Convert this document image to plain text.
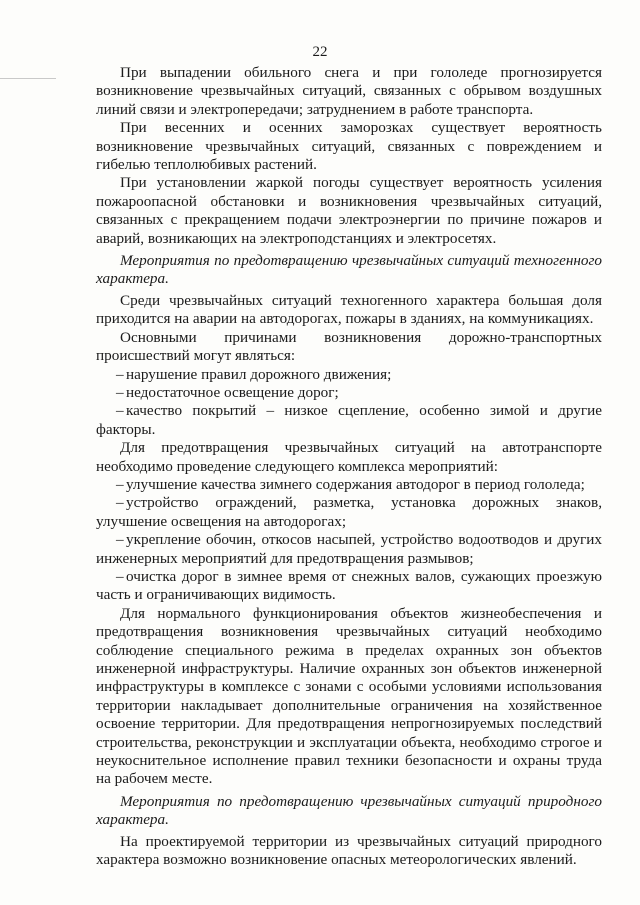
22

При выпадении обильного снега и при гололеде прогнозируется возникновение чрезвычайных ситуаций, связанных с обрывом воздушных линий связи и электропередачи; затруднением в работе транспорта.

При весенних и осенних заморозках существует вероятность возникновение чрезвычайных ситуаций, связанных с повреждением и гибелью теплолюбивых растений.

При установлении жаркой погоды существует вероятность усиления пожароопасной обстановки и возникновения чрезвычайных ситуаций, связанных с прекращением подачи электроэнергии по причине пожаров и аварий, возникающих на электроподстанциях и электросетях.

Мероприятия по предотвращению чрезвычайных ситуаций техногенного характера.

Среди чрезвычайных ситуаций техногенного характера большая доля приходится на аварии на автодорогах, пожары в зданиях, на коммуникациях.

Основными причинами возникновения дорожно-транспортных происшествий могут являться:

– нарушение правил дорожного движения;

– недостаточное освещение дорог;

– качество покрытий – низкое сцепление, особенно зимой и другие факторы.

Для предотвращения чрезвычайных ситуаций на автотранспорте необходимо проведение следующего комплекса мероприятий:

– улучшение качества зимнего содержания автодорог в период гололеда;

– устройство ограждений, разметка, установка дорожных знаков, улучшение освещения на автодорогах;

– укрепление обочин, откосов насыпей, устройство водоотводов и других инженерных мероприятий для предотвращения размывов;

– очистка дорог в зимнее время от снежных валов, сужающих проезжую часть и ограничивающих видимость.

Для нормального функционирования объектов жизнеобеспечения и предотвращения возникновения чрезвычайных ситуаций необходимо соблюдение специального режима в пределах охранных зон объектов инженерной инфраструктуры. Наличие охранных зон объектов инженерной инфраструктуры в комплексе с зонами с особыми условиями использования территории накладывает дополнительные ограничения на хозяйственное освоение территории. Для предотвращения непрогнозируемых последствий строительства, реконструкции и эксплуатации объекта, необходимо строгое и неукоснительное исполнение правил техники безопасности и охраны труда на рабочем месте.

Мероприятия по предотвращению чрезвычайных ситуаций природного характера.

На проектируемой территории из чрезвычайных ситуаций природного характера возможно возникновение опасных метеорологических явлений.
